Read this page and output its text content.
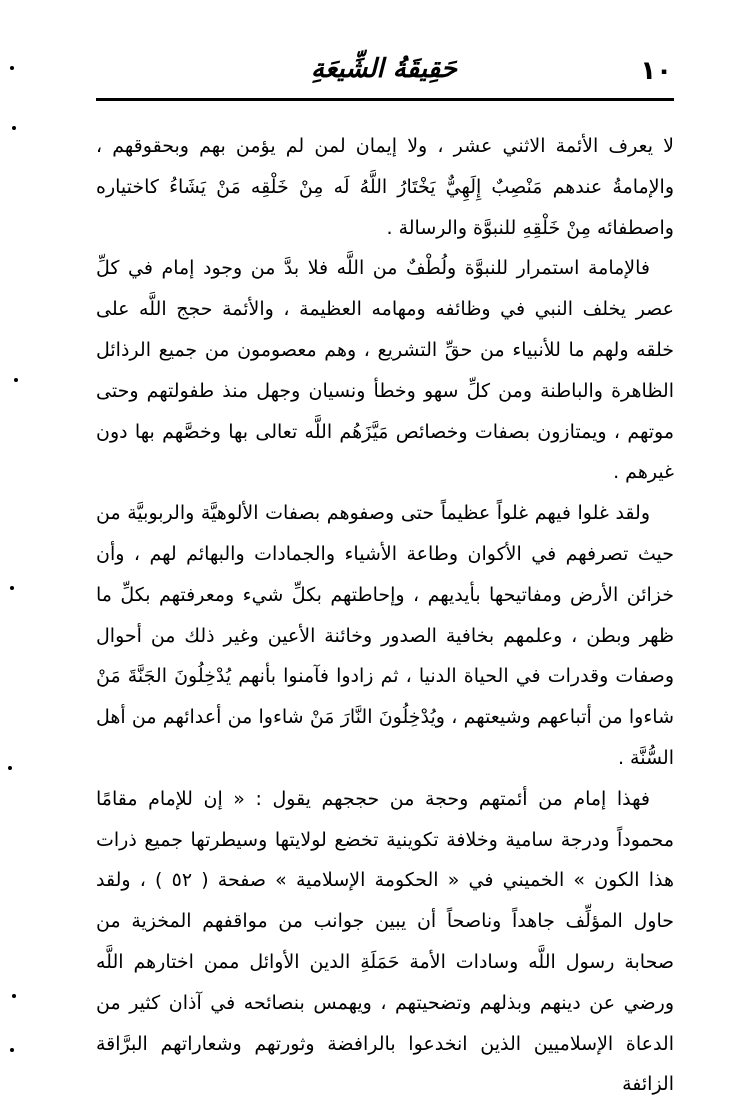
١٠
حَقِيقَةُ الشِّيعَةِ

لا يعرف الأئمة الاثني عشر ، ولا إيمان لمن لم يؤمن بهم وبحقوقهم ، والإمامةُ عندهم مَنْصِبٌ إِلَهِيٌّ يَخْتَارُ اللَّهُ لَه مِنْ خَلْقِه مَنْ يَشَاءُ كاختياره واصطفائه مِنْ خَلْقِهِ للنبوَّة والرسالة .

فالإمامة استمرار للنبوَّة ولُطْفٌ من اللَّه فلا بدَّ من وجود إمام في كلِّ عصر يخلف النبي في وظائفه ومهامه العظيمة ، والأئمة حجج اللَّه على خلقه ولهم ما للأنبياء من حقِّ التشريع ، وهم معصومون من جميع الرذائل الظاهرة والباطنة ومن كلِّ سهو وخطأ ونسيان وجهل منذ طفولتهم وحتى موتهم ، ويمتازون بصفات وخصائص مَيَّزَهُم اللَّه تعالى بها وخصَّهم بها دون غيرهم .

ولقد غلوا فيهم غلواً عظيماً حتى وصفوهم بصفات الألوهيَّة والربوبيَّة من حيث تصرفهم في الأكوان وطاعة الأشياء والجمادات والبهائم لهم ، وأن خزائن الأرض ومفاتيحها بأيديهم ، وإحاطتهم بكلِّ شيء ومعرفتهم بكلِّ ما ظهر وبطن ، وعلمهم بخافية الصدور وخائنة الأعين وغير ذلك من أحوال وصفات وقدرات في الحياة الدنيا ، ثم زادوا فآمنوا بأنهم يُدْخِلُونَ الجَنَّةَ مَنْ شاءوا من أتباعهم وشيعتهم ، ويُدْخِلُونَ النَّارَ مَنْ شاءوا من أعدائهم من أهل السُّنَّة .

فهذا إمام من أئمتهم وحجة من حججهم يقول : « إن للإمام مقامًا محموداً ودرجة سامية وخلافة تكوينية تخضع لولايتها وسيطرتها جميع ذرات هذا الكون » الخميني في « الحكومة الإسلامية » صفحة ( ٥٢ ) ، ولقد حاول المؤلِّف جاهداً وناصحاً أن يبين جوانب من مواقفهم المخزية من صحابة رسول اللَّه وسادات الأمة حَمَلَةِ الدين الأوائل ممن اختارهم اللَّه ورضي عن دينهم وبذلهم وتضحيتهم ، ويهمس بنصائحه في آذان كثير من الدعاة الإسلاميين الذين انخدعوا بالرافضة وثورتهم وشعاراتهم البرَّاقة الزائفة
